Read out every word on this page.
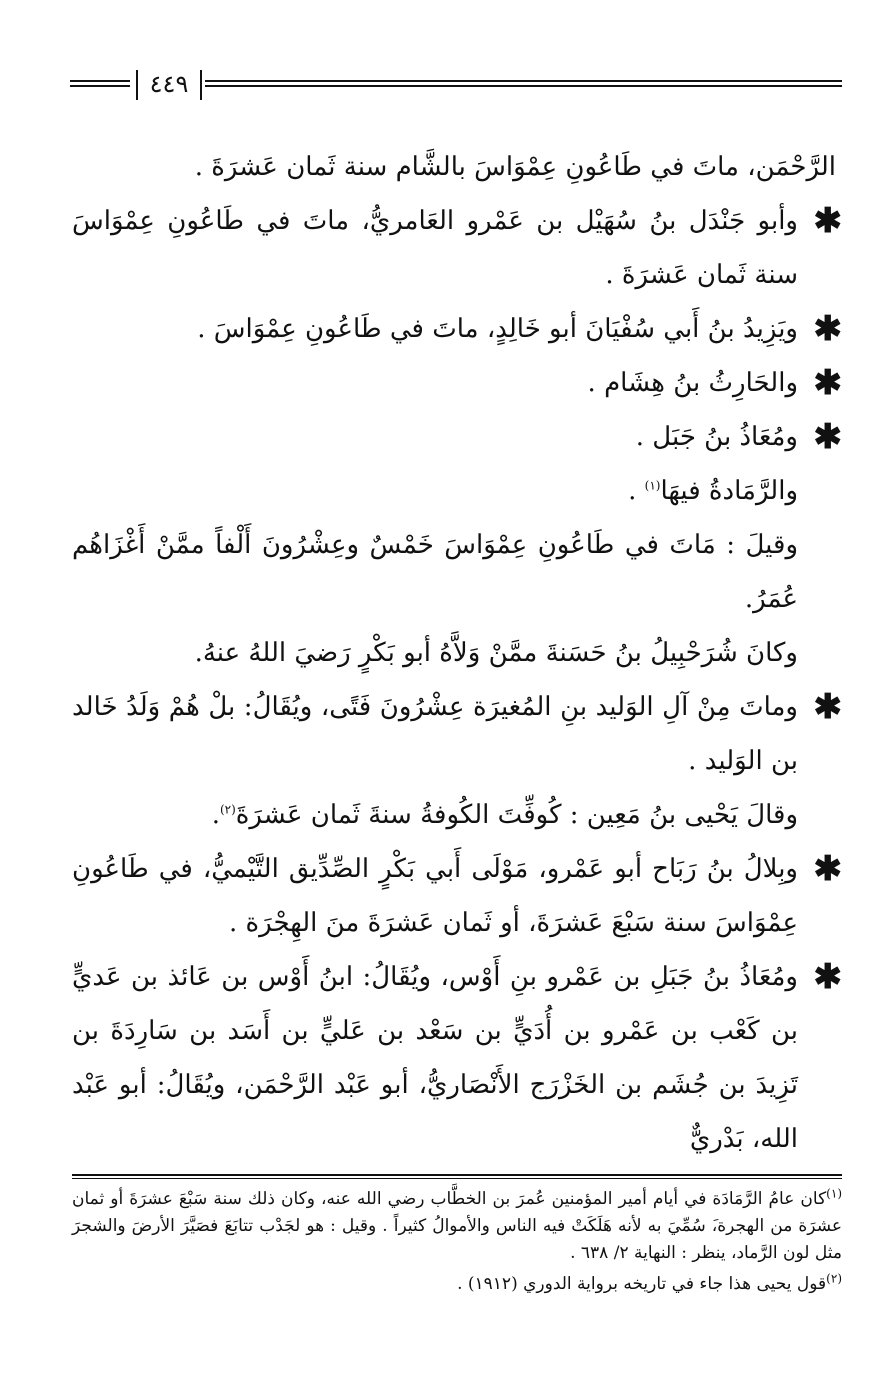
٤٤٩

الرَّحْمَن، ماتَ في طَاعُونِ عِمْوَاسَ بالشَّام سنة ثَمان عَشرَةَ .

✱
وأبو جَنْدَل بنُ سُهَيْل بن عَمْرو العَامريُّ، ماتَ في طَاعُونِ عِمْوَاسَ سنة ثَمان عَشرَةَ .

✱
ويَزِيدُ بنُ أَبي سُفْيَانَ أبو خَالِدٍ، ماتَ في طَاعُونِ عِمْوَاسَ .

✱
والحَارِثُ بنُ هِشَام .

✱
ومُعَاذُ بنُ جَبَل .

والرَّمَادةُ فيهَا$^{(١)}$ .

وقيلَ : مَاتَ في طَاعُونِ عِمْوَاسَ خَمْسٌ وعِشْرُونَ أَلْفاً ممَّنْ أَغْزَاهُم عُمَرُ.

وكانَ شُرَحْبِيلُ بنُ حَسَنةَ ممَّنْ وَلاَّهُ أبو بَكْرٍ رَضيَ اللهُ عنهُ.

✱
وماتَ مِنْ آلِ الوَليد بنِ المُغيرَة عِشْرُونَ فَتًى، ويُقَالُ: بلْ هُمْ وَلَدُ خَالد بن الوَليد .

وقالَ يَحْيى بنُ مَعِين : كُوفِّتَ الكُوفةُ سنةَ ثَمان عَشرَةَ$^{(٢)}$.

✱
وبِلالُ بنُ رَبَاح أبو عَمْرو، مَوْلَى أَبي بَكْرٍ الصِّدِّيق التَّيْميُّ، في طَاعُونِ عِمْوَاسَ سنة سَبْعَ عَشرَةَ، أو ثَمان عَشرَةَ منَ الهِجْرَة .

✱
ومُعَاذُ بنُ جَبَلِ بن عَمْرو بنِ أَوْس، ويُقَالُ: ابنُ أَوْس بن عَائذ بن عَديٍّ بن كَعْب بن عَمْرو بن أُدَيٍّ بن سَعْد بن عَليٍّ بن أَسَد بن سَارِدَةَ بن تَزِيدَ بن جُشَم بن الخَزْرَج الأَنْصَاريُّ، أبو عَبْد الرَّحْمَن، ويُقَالُ: أبو عَبْد الله، بَدْريٌّ

$^{(١)}$كان عامُ الرَّمَادَة في أيام أمير المؤمنين عُمرَ بن الخطَّاب رضي الله عنه، وكان ذلك سنة سَبْعَ عشرَةَ أو ثمان عشرَة من الهجرة،َ سُمِّيَ به لأنه هَلَكَتْ فيه الناس والأموالُ كثيراً . وقيل : هو لجَدْب تتابَعَ فصَيَّرَ الأرضَ والشجرَ مثل لون الرَّماد، ينظر : النهاية ٢/ ٦٣٨ .

$^{(٢)}$قول يحيى هذا جاء في تاريخه برواية الدوري (١٩١٢) .
